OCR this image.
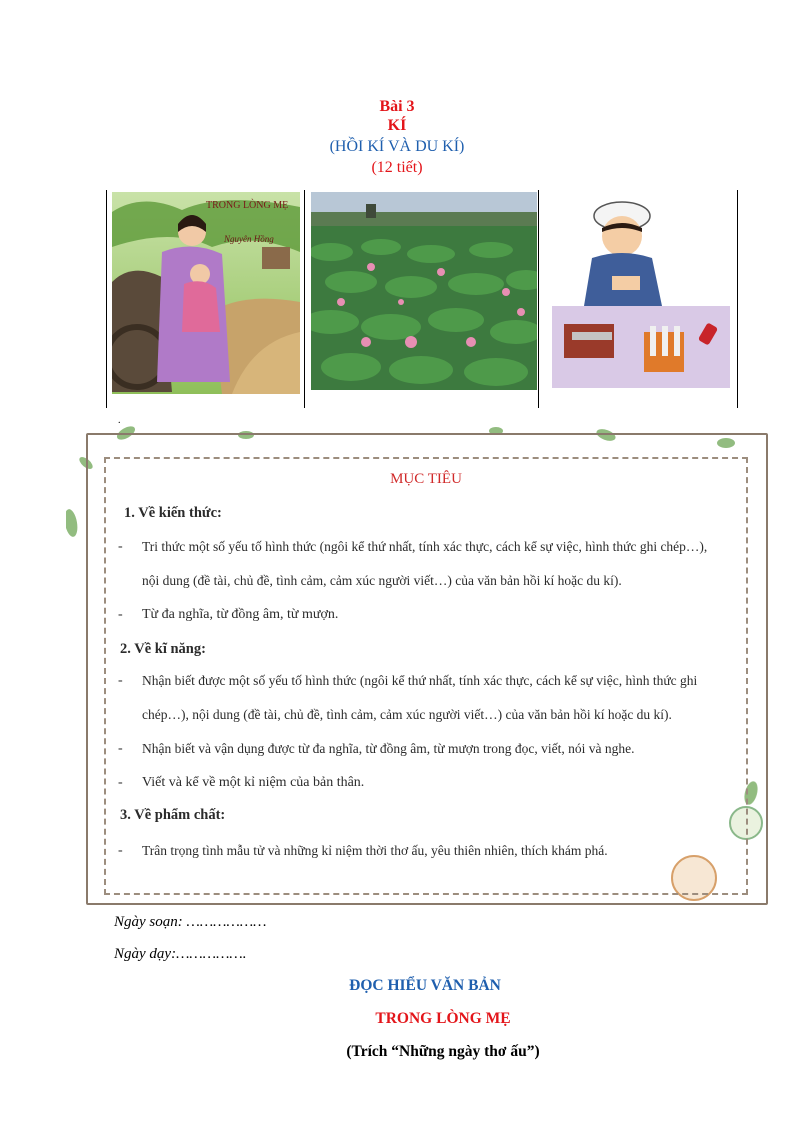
Bài 3
KÍ
(HỒI KÍ VÀ DU KÍ)
(12 tiết)
TRONG LÒNG MẸ
Nguyên Hồng
.
MỤC TIÊU
1. Về kiến thức:
- Tri thức một số yếu tố hình thức (ngôi kể thứ nhất, tính xác thực, cách kể sự việc, hình thức ghi chép…),
nội dung (đề tài, chủ đề, tình cảm, cảm xúc người viết…) của văn bản hồi kí hoặc du kí).
- Từ đa nghĩa, từ đồng âm, từ mượn.
2. Về kĩ năng:
- Nhận biết được một số yếu tố hình thức (ngôi kể thứ nhất, tính xác thực, cách kể sự việc, hình thức ghi
chép…), nội dung (đề tài, chủ đề, tình cảm, cảm xúc người viết…) của văn bản hồi kí hoặc du kí).
- Nhận biết và vận dụng được từ đa nghĩa, từ đồng âm, từ mượn trong đọc, viết, nói và nghe.
- Viết và kể về một kỉ niệm của bản thân.
3. Về phẩm chất:
- Trân trọng tình mẫu tử và những kỉ niệm thời thơ ấu, yêu thiên nhiên, thích khám phá.
Ngày soạn: ………………
Ngày dạy:…………….
ĐỌC HIỂU VĂN BẢN
TRONG LÒNG MẸ
(Trích “Những ngày thơ ấu”)
